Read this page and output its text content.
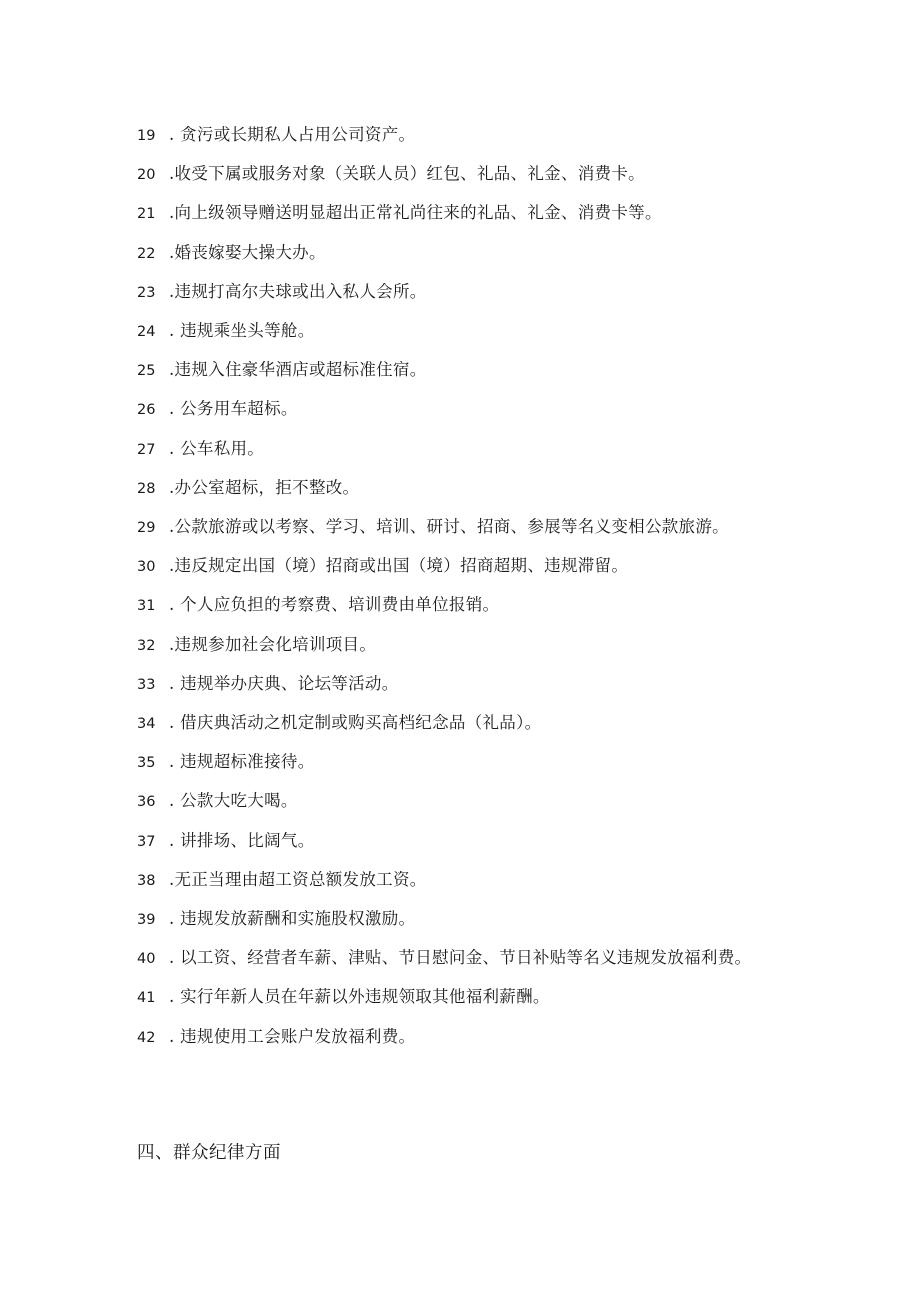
19 . 贪污或长期私人占用公司资产。
20 .收受下属或服务对象（关联人员）红包、礼品、礼金、消费卡。
21 .向上级领导赠送明显超出正常礼尚往来的礼品、礼金、消费卡等。
22 .婚丧嫁娶大操大办。
23 .违规打高尔夫球或出入私人会所。
24 . 违规乘坐头等舱。
25 .违规入住豪华酒店或超标准住宿。
26 . 公务用车超标。
27 . 公车私用。
28 .办公室超标，拒不整改。
29 .公款旅游或以考察、学习、培训、研讨、招商、参展等名义变相公款旅游。
30 .违反规定出国（境）招商或出国（境）招商超期、违规滞留。
31 . 个人应负担的考察费、培训费由单位报销。
32 .违规参加社会化培训项目。
33 . 违规举办庆典、论坛等活动。
34 . 借庆典活动之机定制或购买高档纪念品（礼品）。
35 . 违规超标准接待。
36 . 公款大吃大喝。
37 . 讲排场、比阔气。
38 .无正当理由超工资总额发放工资。
39 . 违规发放薪酬和实施股权激励。
40 . 以工资、经营者车薪、津贴、节日慰问金、节日补贴等名义违规发放福利费。
41 . 实行年新人员在年薪以外违规领取其他福利薪酬。
42 . 违规使用工会账户发放福利费。
四、群众纪律方面
